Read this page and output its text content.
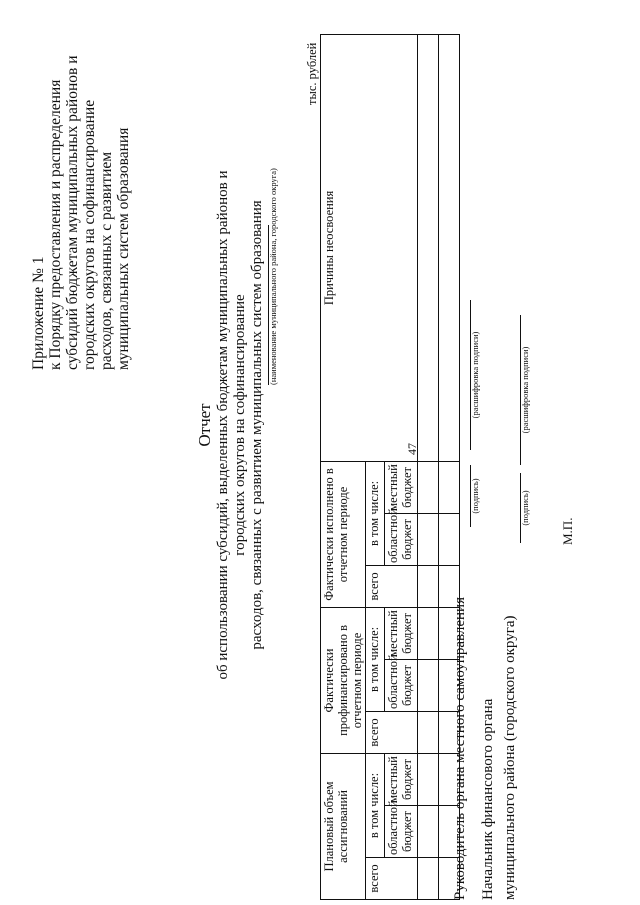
47
Приложение № 1 к Порядку предоставления и распределения субсидий бюджетам муниципальных районов и городских округов на софинансирование расходов, связанных с развитием муниципальных систем образования
Отчет об использовании субсидий, выделенных бюджетам муниципальных районов и городских округов на софинансирование расходов, связанных с развитием муниципальных систем образования (наименование муниципального района, городского округа)
тыс. рублей
Плановый объем ассигнований			Фактически профинансировано в отчетном периоде			Фактически исполнено в отчетном периоде			Причины неосвоения
всего	в том числе:		всего	в том числе:		всего	в том числе:		
	областной бюджет	местный бюджет		областной бюджет	местный бюджет		областной бюджет	местный бюджет	

Руководитель органа местного самоуправления
(подпись)
(расшифровка подписи)
Начальник финансового органа муниципального района (городского округа)
(подпись)
(расшифровка подписи)
М.П.
